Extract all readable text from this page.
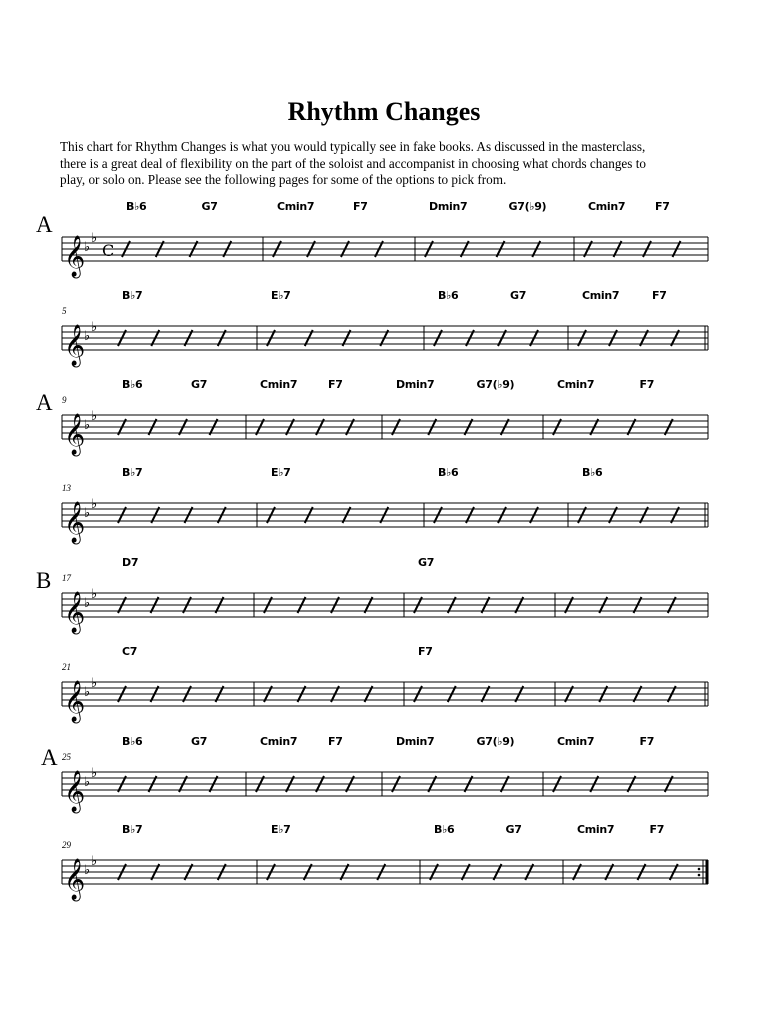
Rhythm Changes
This chart for Rhythm Changes is what you would typically see in fake books. As discussed in the masterclass,
there is a great deal of flexibility on the part of the soloist and accompanist in choosing what chords changes to
play, or solo on. Please see the following pages for some of the options to pick from.
A
B♭6	G7	Cmin7	F7	Dmin7	G7(♭9)	Cmin7	F7
𝄞
♭
♭
C
5
B♭7	E♭7	B♭6	G7	Cmin7	F7
𝄞
♭
♭
A 9
B♭6	G7	Cmin7	F7	Dmin7	G7(♭9)	Cmin7	F7
𝄞
♭
♭
13
B♭7	E♭7	B♭6	B♭6
𝄞
♭
♭
B 17
D7	G7
𝄞
♭
♭
21
C7	F7
𝄞
♭
♭
A 25
B♭6	G7	Cmin7	F7	Dmin7	G7(♭9)	Cmin7	F7
𝄞
♭
♭
29
B♭7	E♭7	B♭6	G7	Cmin7	F7
𝄞
♭
♭
